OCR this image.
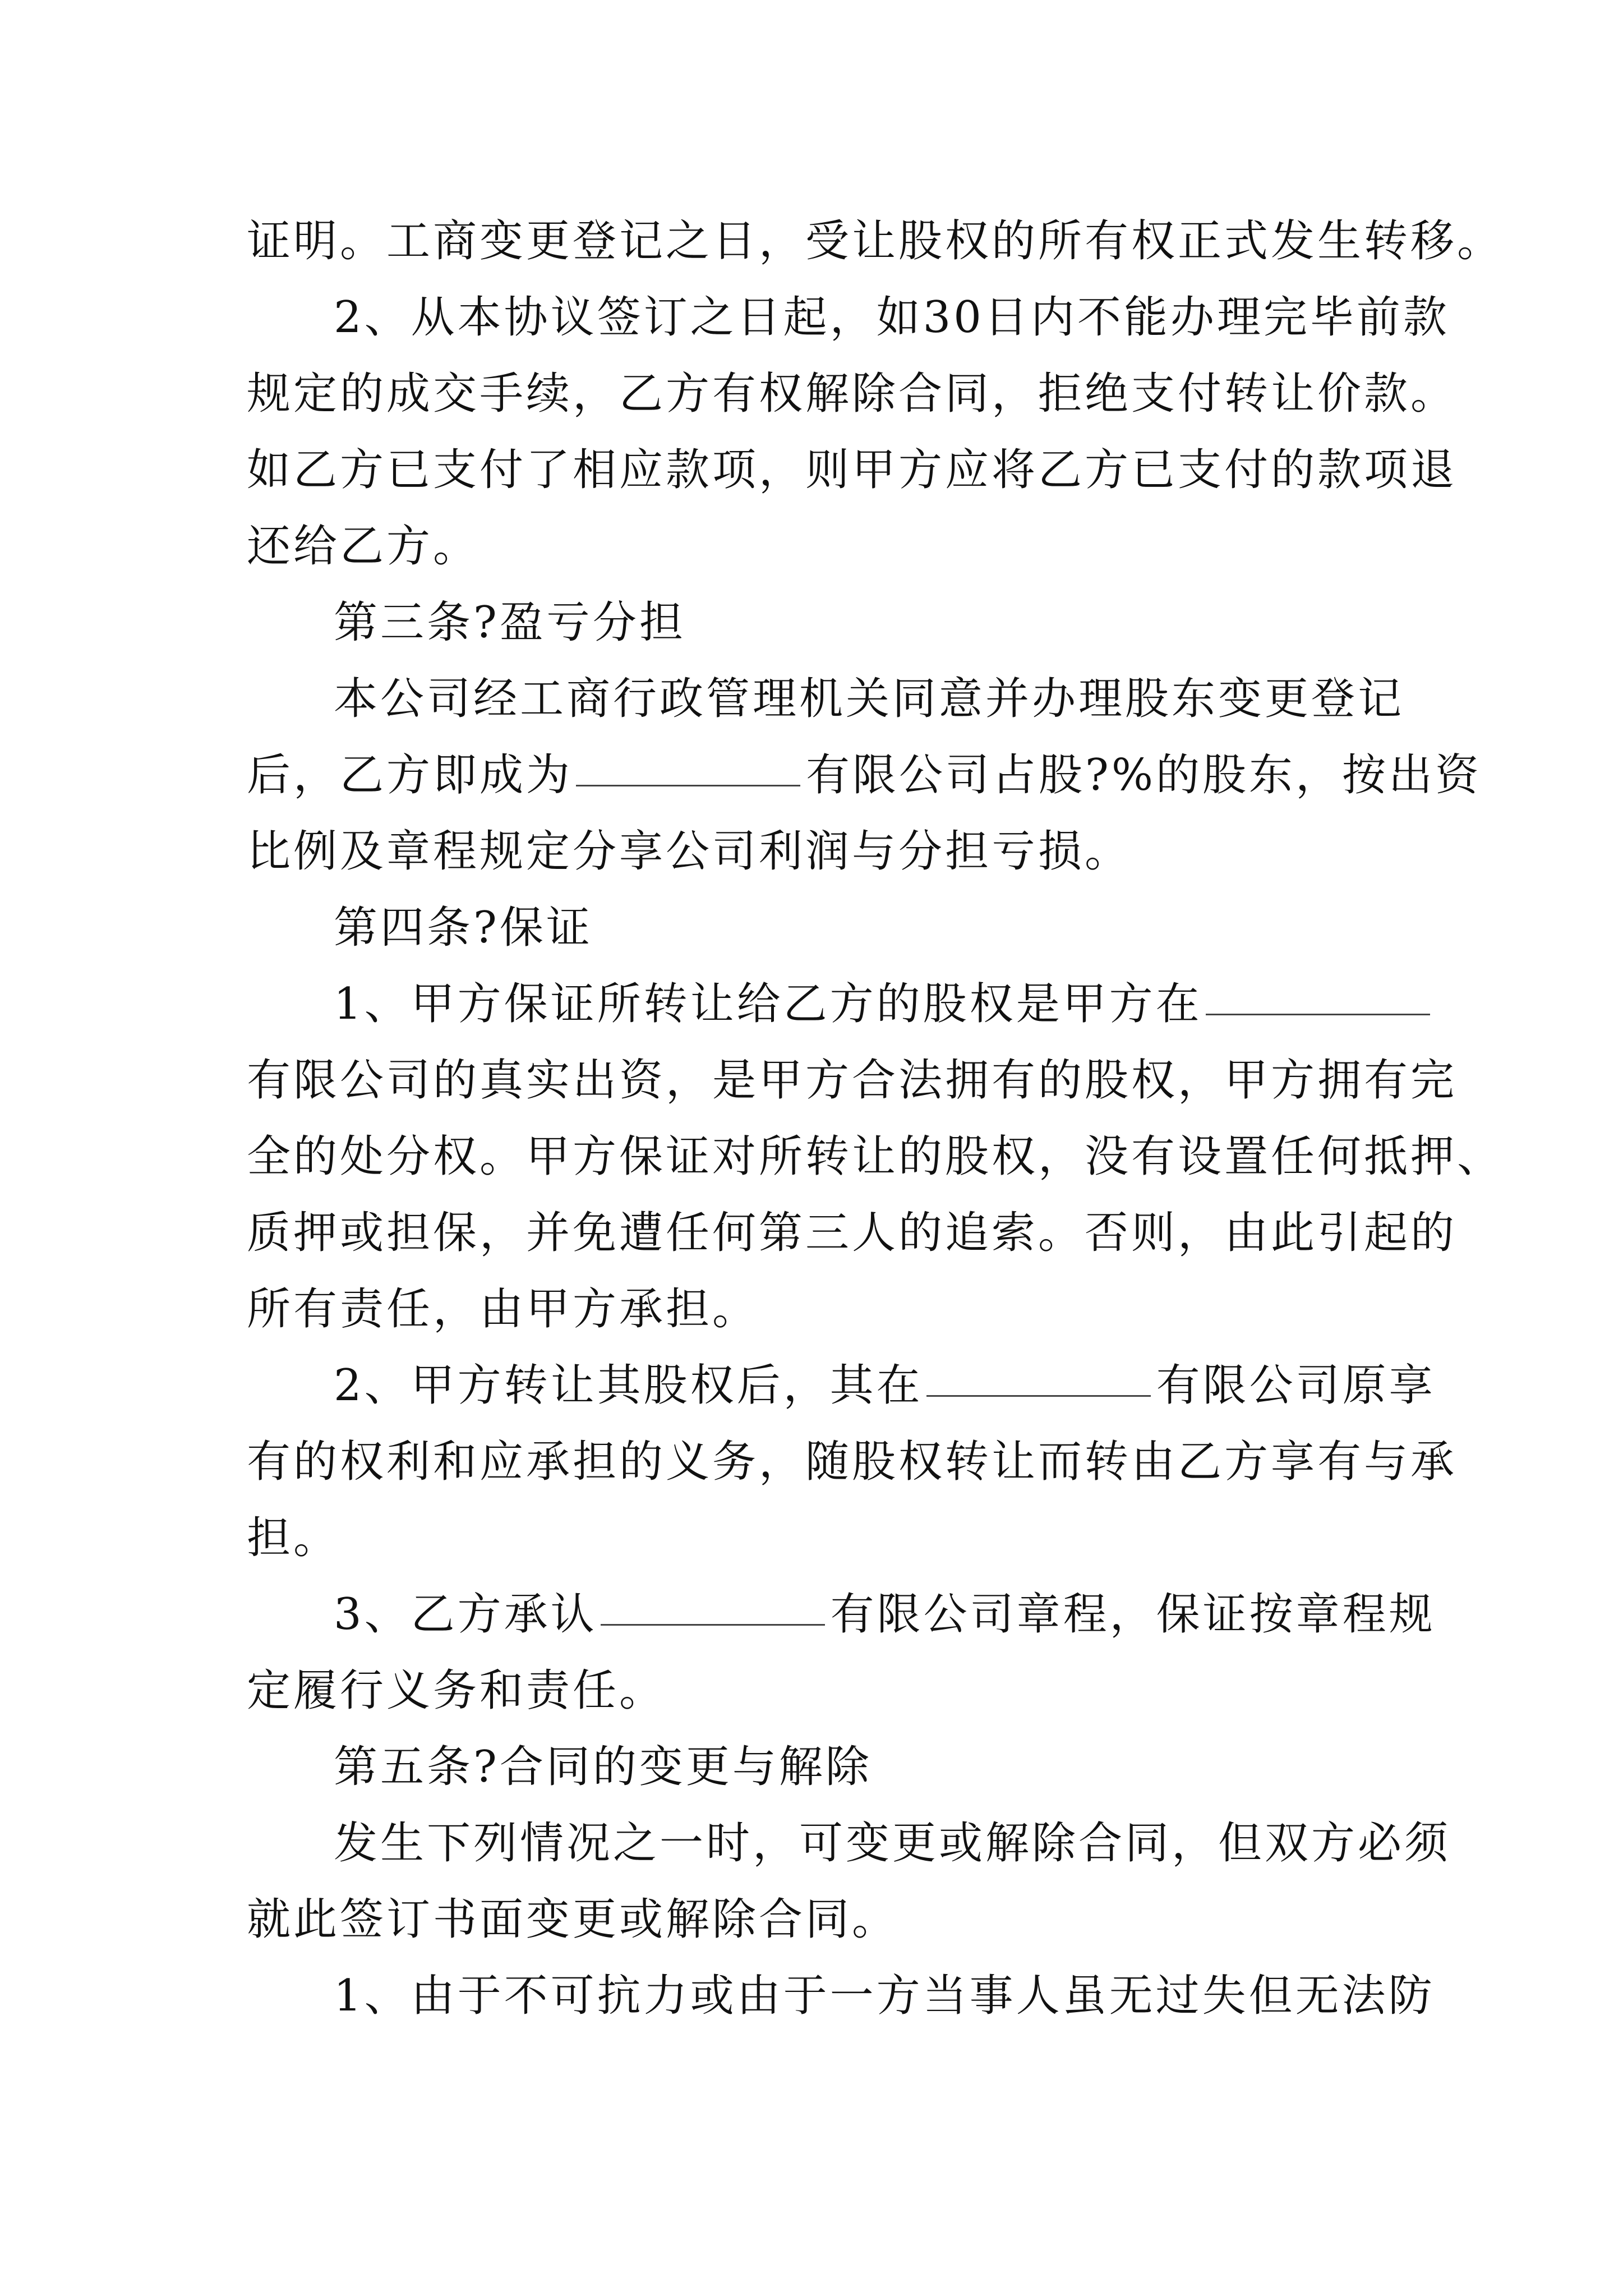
证明。工商变更登记之日，受让股权的所有权正式发生转移。
2、从本协议签订之日起，如30日内不能办理完毕前款
规定的成交手续，乙方有权解除合同，拒绝支付转让价款。
如乙方已支付了相应款项，则甲方应将乙方已支付的款项退
还给乙方。
第三条?盈亏分担
本公司经工商行政管理机关同意并办理股东变更登记
后，乙方即成为	有限公司占股?%的股东，按出资
比例及章程规定分享公司利润与分担亏损。
第四条?保证
1、甲方保证所转让给乙方的股权是甲方在
有限公司的真实出资，是甲方合法拥有的股权，甲方拥有完
全的处分权。甲方保证对所转让的股权，没有设置任何抵押、
质押或担保，并免遭任何第三人的追索。否则，由此引起的
所有责任，由甲方承担。
2、甲方转让其股权后，其在	有限公司原享
有的权利和应承担的义务，随股权转让而转由乙方享有与承
担。
3、乙方承认	有限公司章程，保证按章程规
定履行义务和责任。
第五条?合同的变更与解除
发生下列情况之一时，可变更或解除合同，但双方必须
就此签订书面变更或解除合同。
1、由于不可抗力或由于一方当事人虽无过失但无法防
